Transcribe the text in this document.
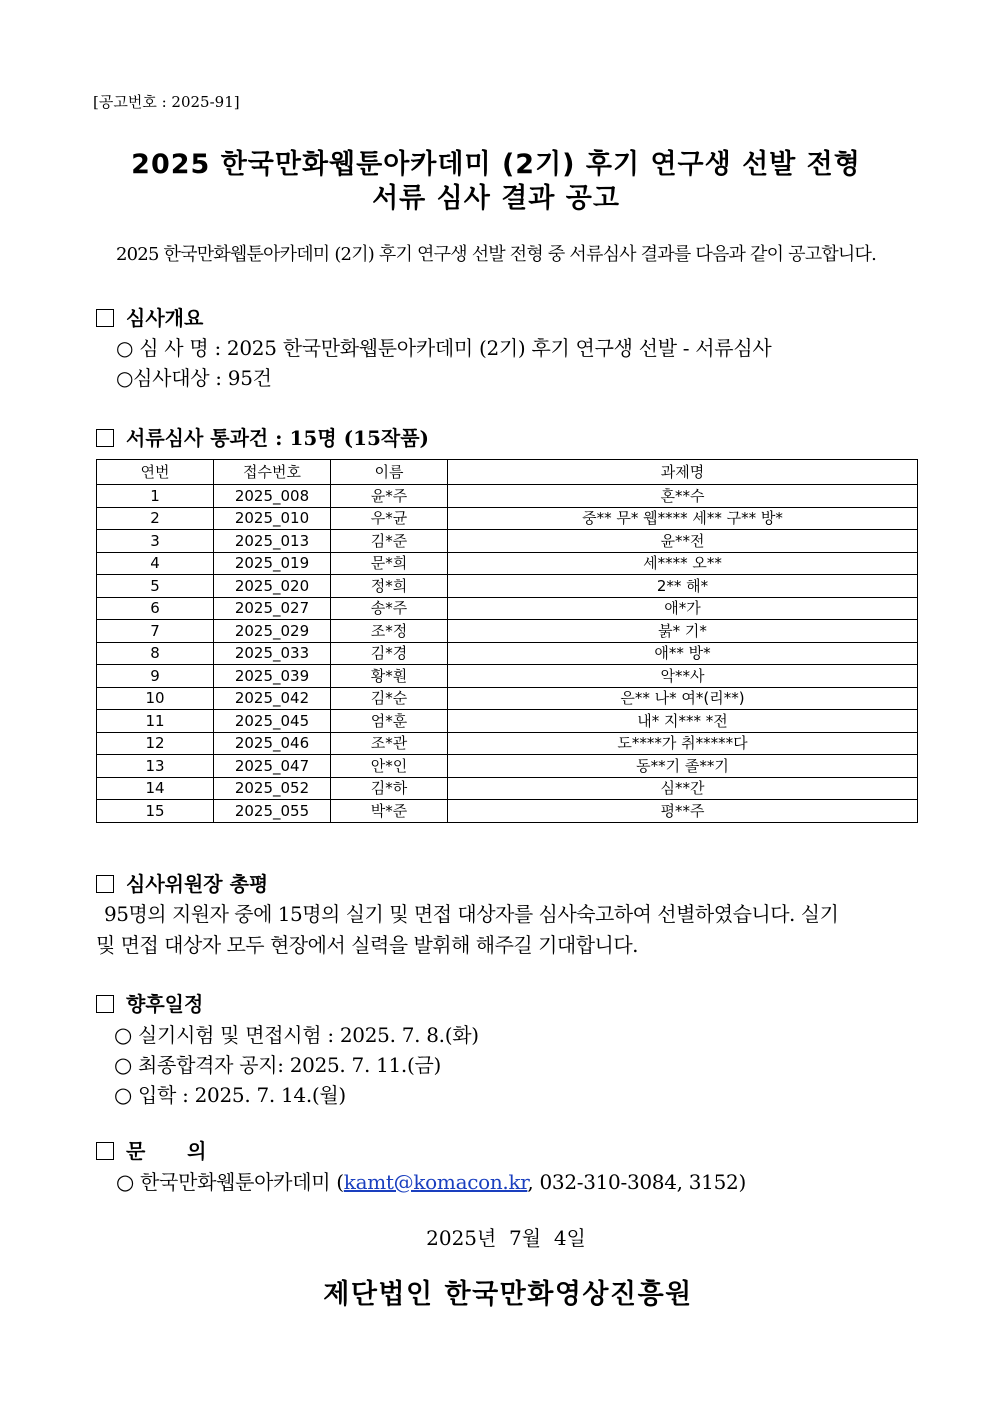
[공고번호 : 2025-91]
2025 한국만화웹툰아카데미 (2기) 후기 연구생 선발 전형
서류 심사 결과 공고
2025 한국만화웹툰아카데미 (2기) 후기 연구생 선발 전형 중 서류심사 결과를 다음과 같이 공고합니다.
심사개요
○ 심 사 명 : 2025 한국만화웹툰아카데미 (2기) 후기 연구생 선발 - 서류심사
○심사대상 : 95건
서류심사 통과건 : 15명 (15작품)
연번	접수번호	이름	과제명
1	2025_008	윤*주	혼**수
2	2025_010	우*균	중** 무* 웹**** 세** 구** 방*
3	2025_013	김*준	윤**전
4	2025_019	문*희	세**** 오**
5	2025_020	정*희	2** 해*
6	2025_027	송*주	애*가
7	2025_029	조*정	붉* 기*
8	2025_033	김*경	애** 방*
9	2025_039	황*훤	악**사
10	2025_042	김*순	은** 나* 여*(리**)
11	2025_045	엄*훈	내* 지*** *전
12	2025_046	조*관	도****가 취*****다
13	2025_047	안*인	동**기 졸**기
14	2025_052	김*하	심**간
15	2025_055	박*준	평**주
심사위원장 총평
95명의 지원자 중에 15명의 실기 및 면접 대상자를 심사숙고하여 선별하였습니다. 실기
및 면접 대상자 모두 현장에서 실력을 발휘해 해주길 기대합니다.
향후일정
○ 실기시험 및 면접시험 : 2025. 7. 8.(화)
○ 최종합격자 공지: 2025. 7. 11.(금)
○ 입학 : 2025. 7. 14.(월)
문      의
○ 한국만화웹툰아카데미 (kamt@komacon.kr, 032-310-3084, 3152)
2025년  7월  4일
제단법인 한국만화영상진흥원
